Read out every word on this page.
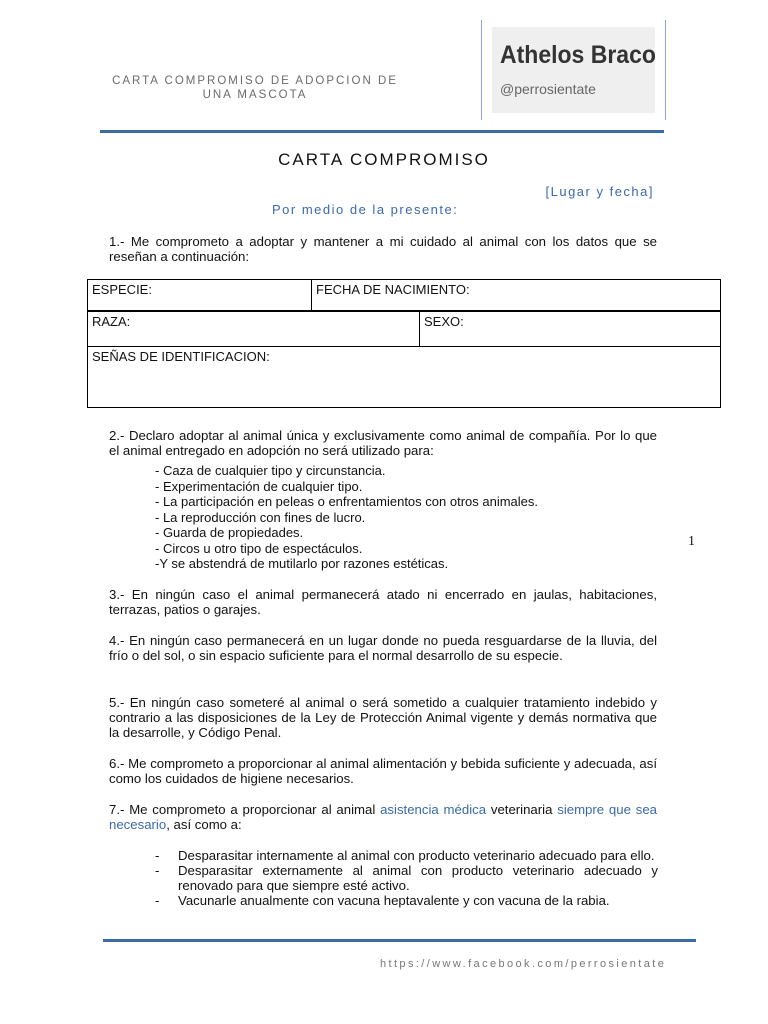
CARTA COMPROMISO DE ADOPCION DE
UNA MASCOTA
Athelos Braco
@perrosientate
CARTA COMPROMISO
[Lugar y fecha]
Por medio de la presente:
1.- Me comprometo a adoptar y mantener a mi cuidado al animal con los datos que se reseñan a continuación:
ESPECIE:	FECHA DE NACIMIENTO:
RAZA:	SEXO:
SEÑAS DE IDENTIFICACION:
2.- Declaro adoptar al animal única y exclusivamente como animal de compañía. Por lo que el animal entregado en adopción no será utilizado para:
- Caza de cualquier tipo y circunstancia.
- Experimentación de cualquier tipo.
- La participación en peleas o enfrentamientos con otros animales.
- La reproducción con fines de lucro.
- Guarda de propiedades.
- Circos u otro tipo de espectáculos.
-Y se abstendrá de mutilarlo por razones estéticas.
1
3.- En ningún caso el animal permanecerá atado ni encerrado en jaulas, habitaciones, terrazas, patios o garajes.
4.- En ningún caso permanecerá en un lugar donde no pueda resguardarse de la lluvia, del frío o del sol, o sin espacio suficiente para el normal desarrollo de su especie.
5.- En ningún caso someteré al animal o será sometido a cualquier tratamiento indebido y contrario a las disposiciones de la Ley de Protección Animal vigente y demás normativa que la desarrolle, y Código Penal.
6.- Me comprometo a proporcionar al animal alimentación y bebida suficiente y adecuada, así como los cuidados de higiene necesarios.
7.- Me comprometo a proporcionar al animal asistencia médica veterinaria siempre que sea necesario, así como a:
- Desparasitar internamente al animal con producto veterinario adecuado para ello.
- Desparasitar externamente al animal con producto veterinario adecuado y renovado para que siempre esté activo.
- Vacunarle anualmente con vacuna heptavalente y con vacuna de la rabia.
https://www.facebook.com/perrosientate
